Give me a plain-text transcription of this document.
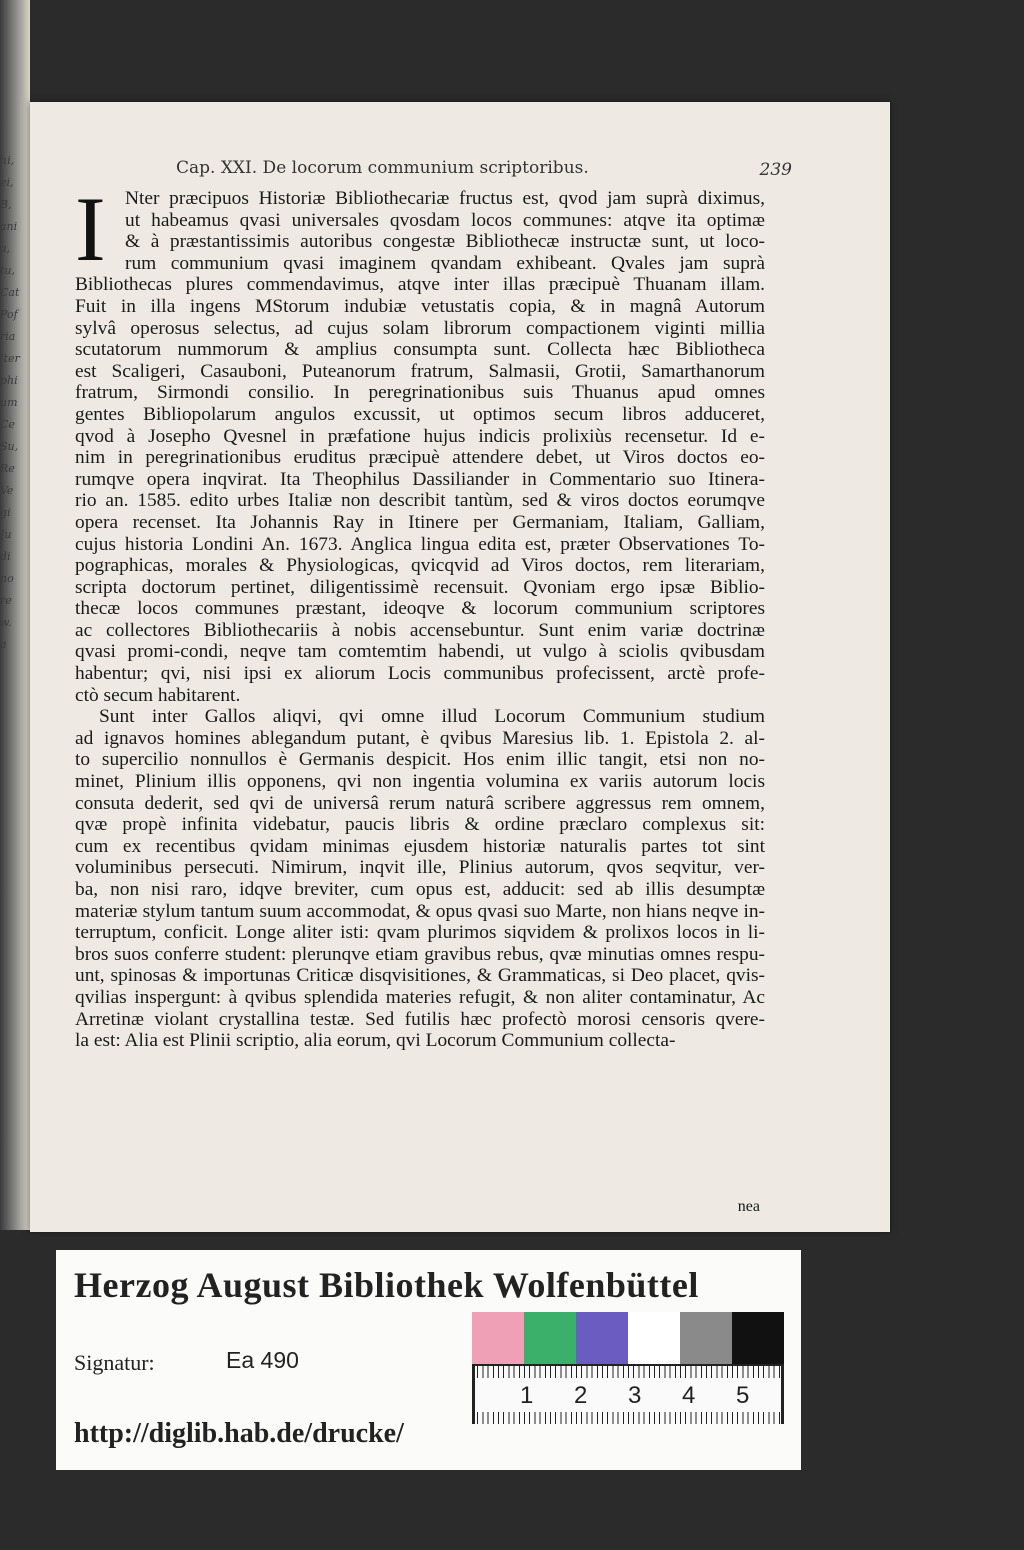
hi,
ei,
B,
ani
a,
tu,
Cat
Pof
ria
lter
phi
um
Ce
Su,
Re
Ve
gi
Ju
di
no
re
w.
a
Cap. XXI. De locorum communium scriptoribus.	239
I Nter præcipuos Historiæ Bibliothecariæ fructus est, qvod jam suprà diximus,
ut habeamus qvasi universales qvosdam locos communes: atqve ita optimæ
& à præstantissimis autoribus congestæ Bibliothecæ instructæ sunt, ut loco-
rum communium qvasi imaginem qvandam exhibeant. Qvales jam suprà
Bibliothecas plures commendavimus, atqve inter illas præcipuè Thuanam illam.
Fuit in illa ingens MStorum indubiæ vetustatis copia, & in magnâ Autorum
sylvâ operosus selectus, ad cujus solam librorum compactionem viginti millia
scutatorum nummorum & amplius consumpta sunt. Collecta hæc Bibliotheca
est Scaligeri, Casauboni, Puteanorum fratrum, Salmasii, Grotii, Samarthanorum
fratrum, Sirmondi consilio. In peregrinationibus suis Thuanus apud omnes
gentes Bibliopolarum angulos excussit, ut optimos secum libros adduceret,
qvod à Josepho Qvesnel in præfatione hujus indicis prolixiùs recensetur. Id e-
nim in peregrinationibus eruditus præcipuè attendere debet, ut Viros doctos eo-
rumqve opera inqvirat. Ita Theophilus Dassiliander in Commentario suo Itinera-
rio an. 1585. edito urbes Italiæ non describit tantùm, sed & viros doctos eorumqve
opera recenset. Ita Johannis Ray in Itinere per Germaniam, Italiam, Galliam,
cujus historia Londini An. 1673. Anglica lingua edita est, præter Observationes To-
pographicas, morales & Physiologicas, qvicqvid ad Viros doctos, rem literariam,
scripta doctorum pertinet, diligentissimè recensuit. Qvoniam ergo ipsæ Biblio-
thecæ locos communes præstant, ideoqve & locorum communium scriptores
ac collectores Bibliothecariis à nobis accensebuntur. Sunt enim variæ doctrinæ
qvasi promi-condi, neqve tam comtemtim habendi, ut vulgo à sciolis qvibusdam
habentur; qvi, nisi ipsi ex aliorum Locis communibus profecissent, arctè profe-
ctò secum habitarent.
Sunt inter Gallos aliqvi, qvi omne illud Locorum Communium studium
ad ignavos homines ablegandum putant, è qvibus Maresius lib. 1. Epistola 2. al-
to supercilio nonnullos è Germanis despicit. Hos enim illic tangit, etsi non no-
minet, Plinium illis opponens, qvi non ingentia volumina ex variis autorum locis
consuta dederit, sed qvi de universâ rerum naturâ scribere aggressus rem omnem,
qvæ propè infinita videbatur, paucis libris & ordine præclaro complexus sit:
cum ex recentibus qvidam minimas ejusdem historiæ naturalis partes tot sint
voluminibus persecuti. Nimirum, inqvit ille, Plinius autorum, qvos seqvitur, ver-
ba, non nisi raro, idqve breviter, cum opus est, adducit: sed ab illis desumptæ
materiæ stylum tantum suum accommodat, & opus qvasi suo Marte, non hians neqve in-
terruptum, conficit. Longe aliter isti: qvam plurimos siqvidem & prolixos locos in li-
bros suos conferre student: plerunqve etiam gravibus rebus, qvæ minutias omnes respu-
unt, spinosas & importunas Criticæ disqvisitiones, & Grammaticas, si Deo placet, qvis-
qvilias inspergunt: à qvibus splendida materies refugit, & non aliter contaminatur, Ac
Arretinæ violant crystallina testæ. Sed futilis hæc profectò morosi censoris qvere-
la est: Alia est Plinii scriptio, alia eorum, qvi Locorum Communium collecta-
nea
Herzog August Bibliothek Wolfenbüttel
Signatur:	Ea 490
http://diglib.hab.de/drucke/
1 2 3 4 5
